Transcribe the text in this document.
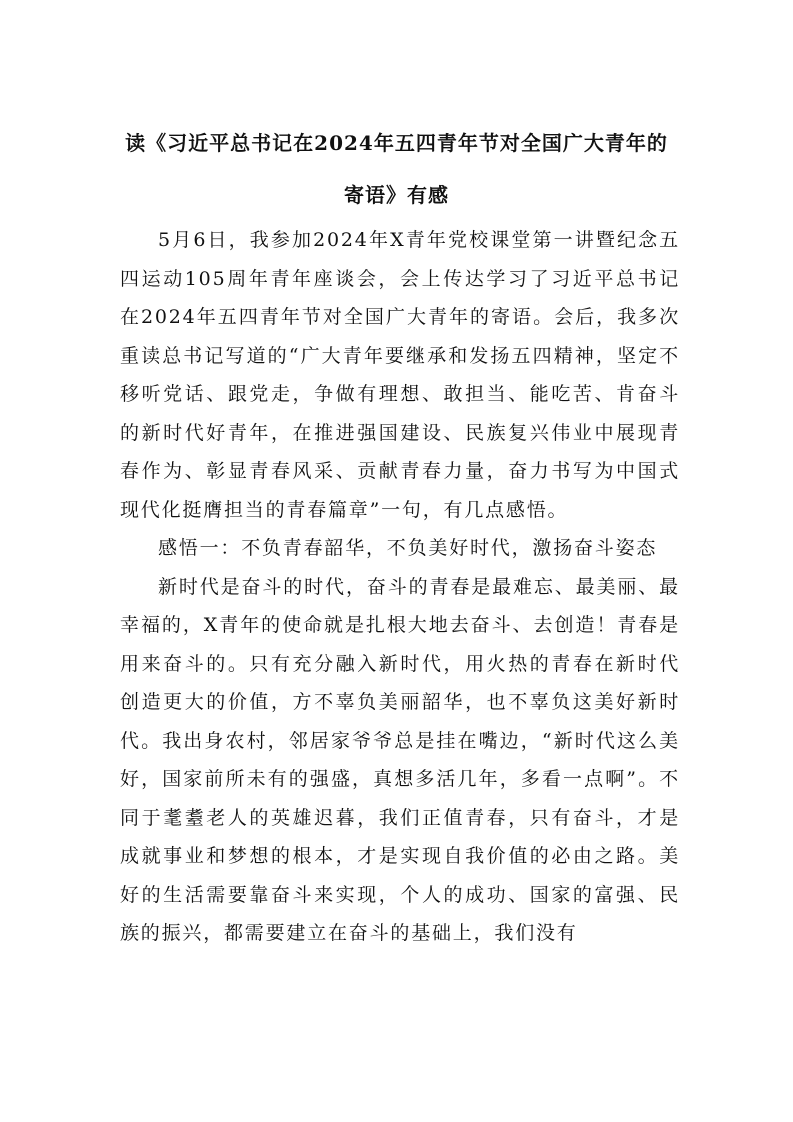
读《习近平总书记在2024年五四青年节对全国广大青年的
寄语》有感

5月6日，我参加2024年X青年党校课堂第一讲暨纪念五四运动105周年青年座谈会，会上传达学习了习近平总书记在2024年五四青年节对全国广大青年的寄语。会后，我多次重读总书记写道的“广大青年要继承和发扬五四精神，坚定不移听党话、跟党走，争做有理想、敢担当、能吃苦、肯奋斗的新时代好青年，在推进强国建设、民族复兴伟业中展现青春作为、彰显青春风采、贡献青春力量，奋力书写为中国式现代化挺膺担当的青春篇章”一句，有几点感悟。

感悟一：不负青春韶华，不负美好时代，激扬奋斗姿态

新时代是奋斗的时代，奋斗的青春是最难忘、最美丽、最幸福的，X青年的使命就是扎根大地去奋斗、去创造！青春是用来奋斗的。只有充分融入新时代，用火热的青春在新时代创造更大的价值，方不辜负美丽韶华，也不辜负这美好新时代。我出身农村，邻居家爷爷总是挂在嘴边，“新时代这么美好，国家前所未有的强盛，真想多活几年，多看一点啊”。不同于耄耋老人的英雄迟暮，我们正值青春，只有奋斗，才是成就事业和梦想的根本，才是实现自我价值的必由之路。美好的生活需要靠奋斗来实现，个人的成功、国家的富强、民族的振兴，都需要建立在奋斗的基础上，我们没有
